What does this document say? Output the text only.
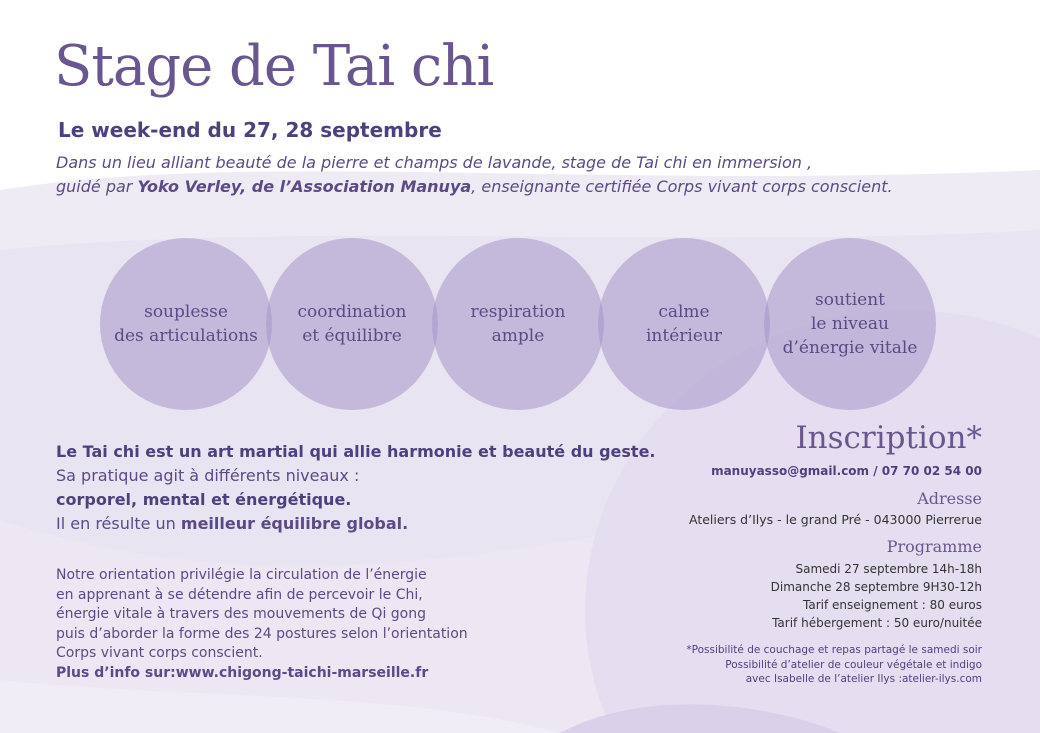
Stage de Tai chi
Le week-end du 27, 28 septembre
Dans un lieu alliant beauté de la pierre et champs de lavande, stage de Tai chi en immersion ,
guidé par Yoko Verley, de l’Association Manuya, enseignante certifiée Corps vivant corps conscient.
souplesse
des articulations
coordination
et équilibre
respiration
ample
calme
intérieur
soutient
le niveau
d’énergie vitale
Le Tai chi est un art martial qui allie harmonie et beauté du geste.
Sa pratique agit à différents niveaux :
corporel, mental et énergétique.
Il en résulte un meilleur équilibre global.
Notre orientation privilégie la circulation de l’énergie
en apprenant à se détendre afin de percevoir le Chi,
énergie vitale à travers des mouvements de Qi gong
puis d’aborder la forme des 24 postures selon l’orientation
Corps vivant corps conscient.
Plus d’info sur:www.chigong-taichi-marseille.fr
Inscription*
manuyasso@gmail.com / 07 70 02 54 00
Adresse
Ateliers d’Ilys - le grand Pré - 043000 Pierrerue
Programme
Samedi 27 septembre 14h-18h
Dimanche 28 septembre 9H30-12h
Tarif enseignement : 80 euros
Tarif hébergement : 50 euro/nuitée
*Possibilité de couchage et repas partagé le samedi soir
Possibilité d’atelier de couleur végétale et indigo
avec Isabelle de l’atelier Ilys :atelier-ilys.com
